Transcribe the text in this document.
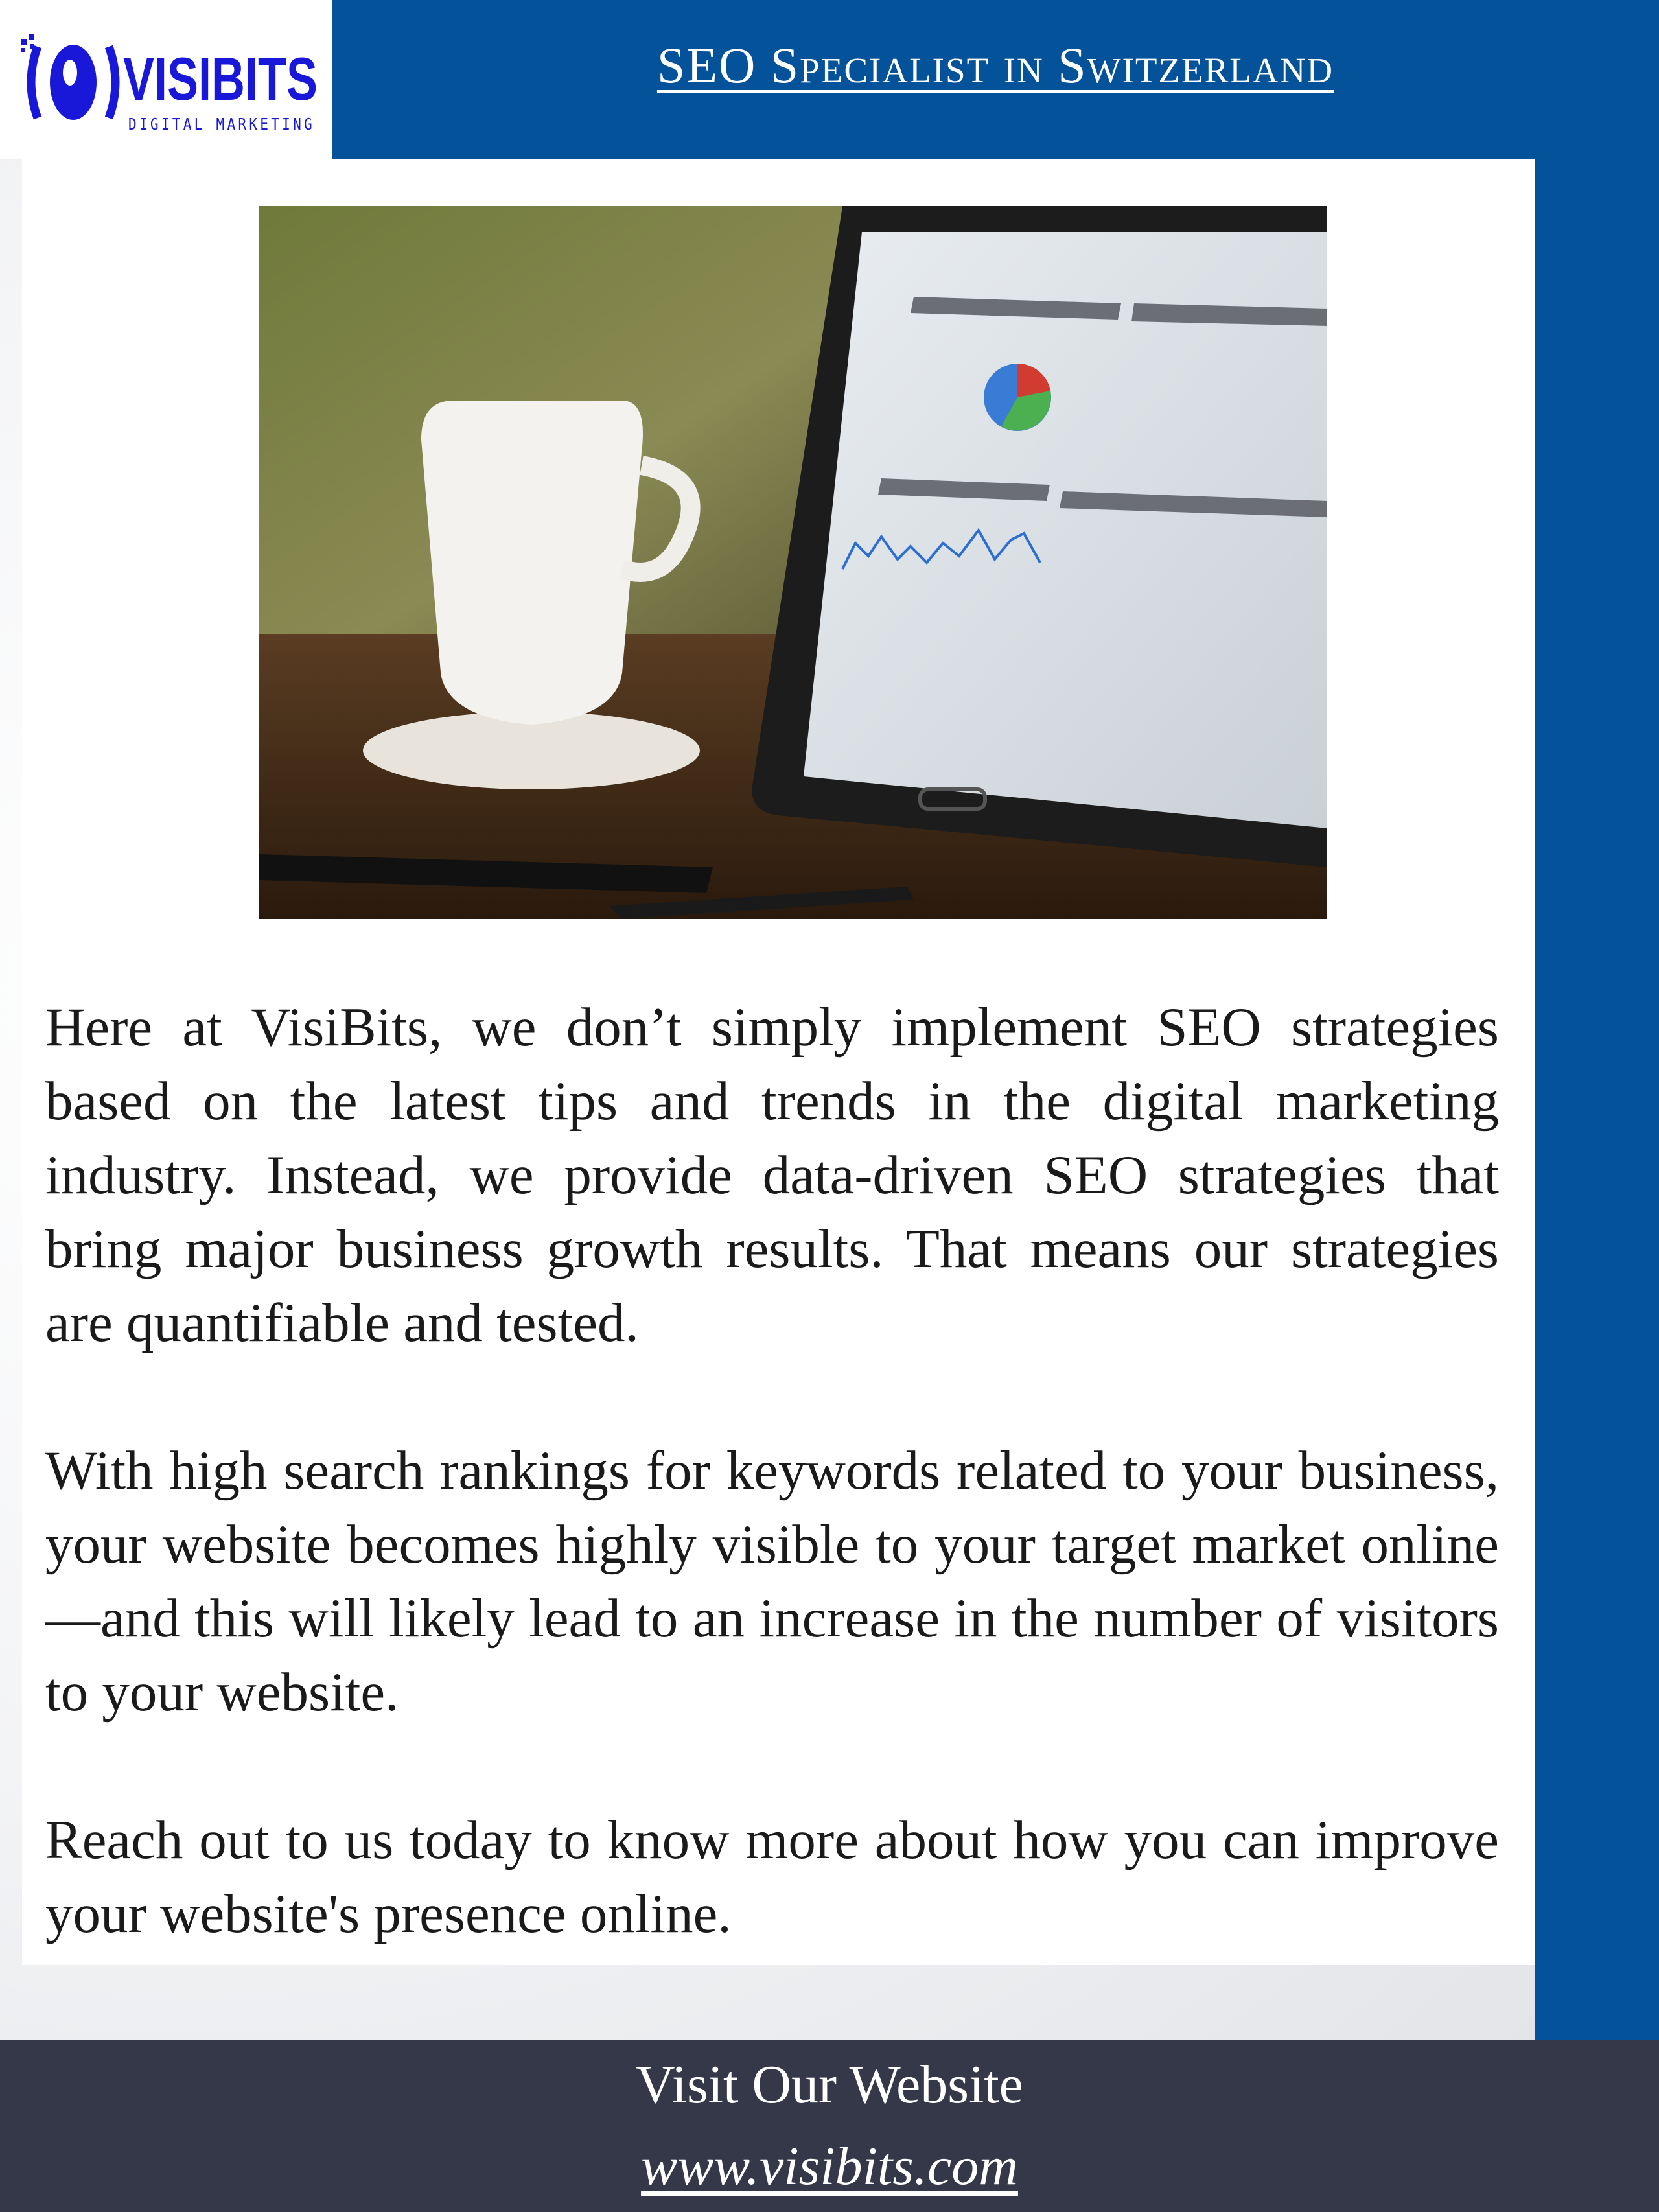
VISIBITS
DIGITAL MARKETING
SEO Specialist in Switzerland

Here at VisiBits, we don’t simply implement SEO strategies based on the latest tips and trends in the digital marketing industry. Instead, we provide data-driven SEO strategies that bring major business growth results. That means our strategies are quantifiable and tested.

With high search rankings for keywords related to your business, your website becomes highly visible to your target market online—and this will likely lead to an increase in the number of visitors to your website.

Reach out to us today to know more about how you can improve your website's presence online.

Visit Our Website
www.visibits.com
